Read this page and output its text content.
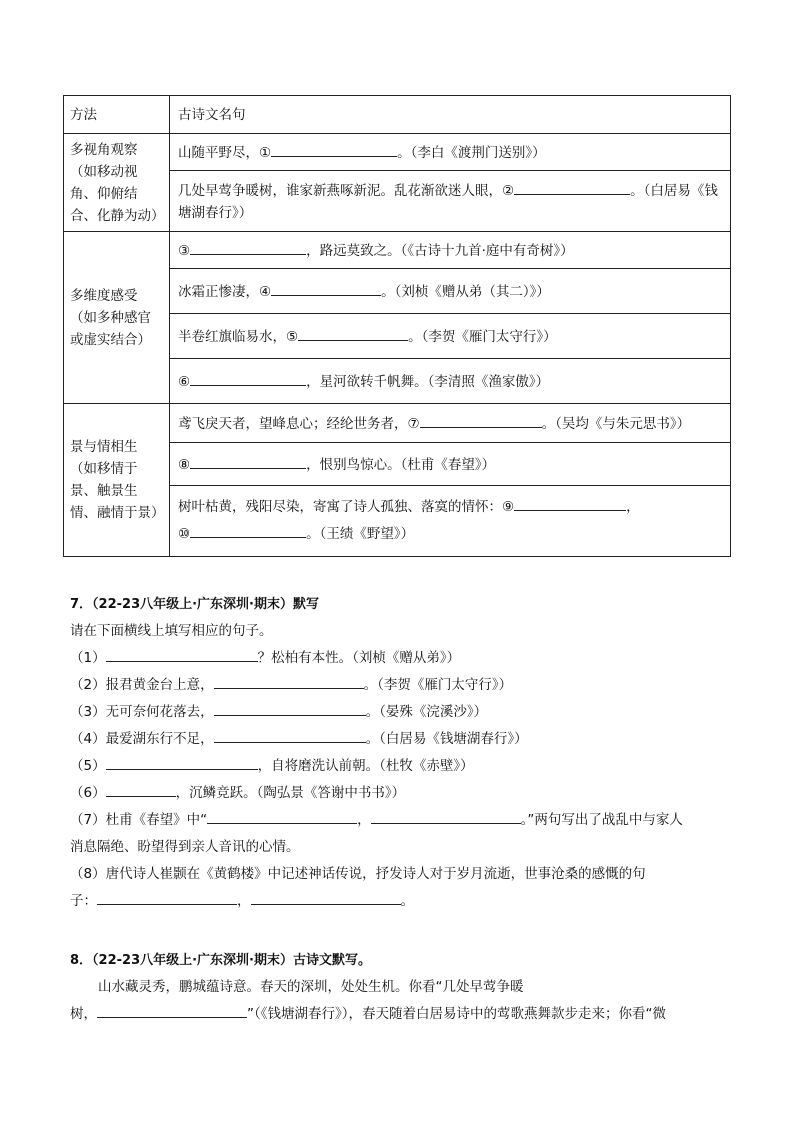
方法	古诗文名句
多视角观察（如移动视角、仰俯结合、化静为动）	山随平野尽，① 。（李白《渡荆门送别》）
	几处早莺争暖树，谁家新燕啄新泥。乱花渐欲迷人眼，② 。（白居易《钱塘湖春行》）
多维度感受（如多种感官或虚实结合）	③ ，路远莫致之。（《古诗十九首·庭中有奇树》）
	冰霜正惨凄，④ 。（刘桢《赠从弟（其二）》）
	半卷红旗临易水，⑤ 。（李贺《雁门太守行》）
	⑥ ，星河欲转千帆舞。（李清照《渔家傲》）
景与情相生（如移情于景、触景生情、融情于景）	鸢飞戾天者，望峰息心；经纶世务者，⑦ 。（吴均《与朱元思书》）
	⑧ ，恨别鸟惊心。（杜甫《春望》）
	树叶枯黄，残阳尽染，寄寓了诗人孤独、落寞的情怀：⑨ ，
⑩ 。（王绩《野望》）
7．（22-23八年级上·广东深圳·期末）默写
请在下面横线上填写相应的句子。
（1）	？松柏有本性。（刘桢《赠从弟》）
（2）报君黄金台上意，	。（李贺《雁门太守行》）
（3）无可奈何花落去，	。（晏殊《浣溪沙》）
（4）最爱湖东行不足，	。（白居易《钱塘湖春行》）
（5）	，自将磨洗认前朝。（杜牧《赤壁》）
（6）	，沉鳞竞跃。（陶弘景《答谢中书书》）
（7）杜甫《春望》中“	，	。”两句写出了战乱中与家人
消息隔绝、盼望得到亲人音讯的心情。
（8）唐代诗人崔颢在《黄鹤楼》中记述神话传说，抒发诗人对于岁月流逝，世事沧桑的感慨的句
子：	，	。
8．（22-23八年级上·广东深圳·期末）古诗文默写。
山水藏灵秀，鹏城蕴诗意。春天的深圳，处处生机。你看“几处早莺争暖
树，	”（《钱塘湖春行》），春天随着白居易诗中的莺歌燕舞款步走来；你看“微
